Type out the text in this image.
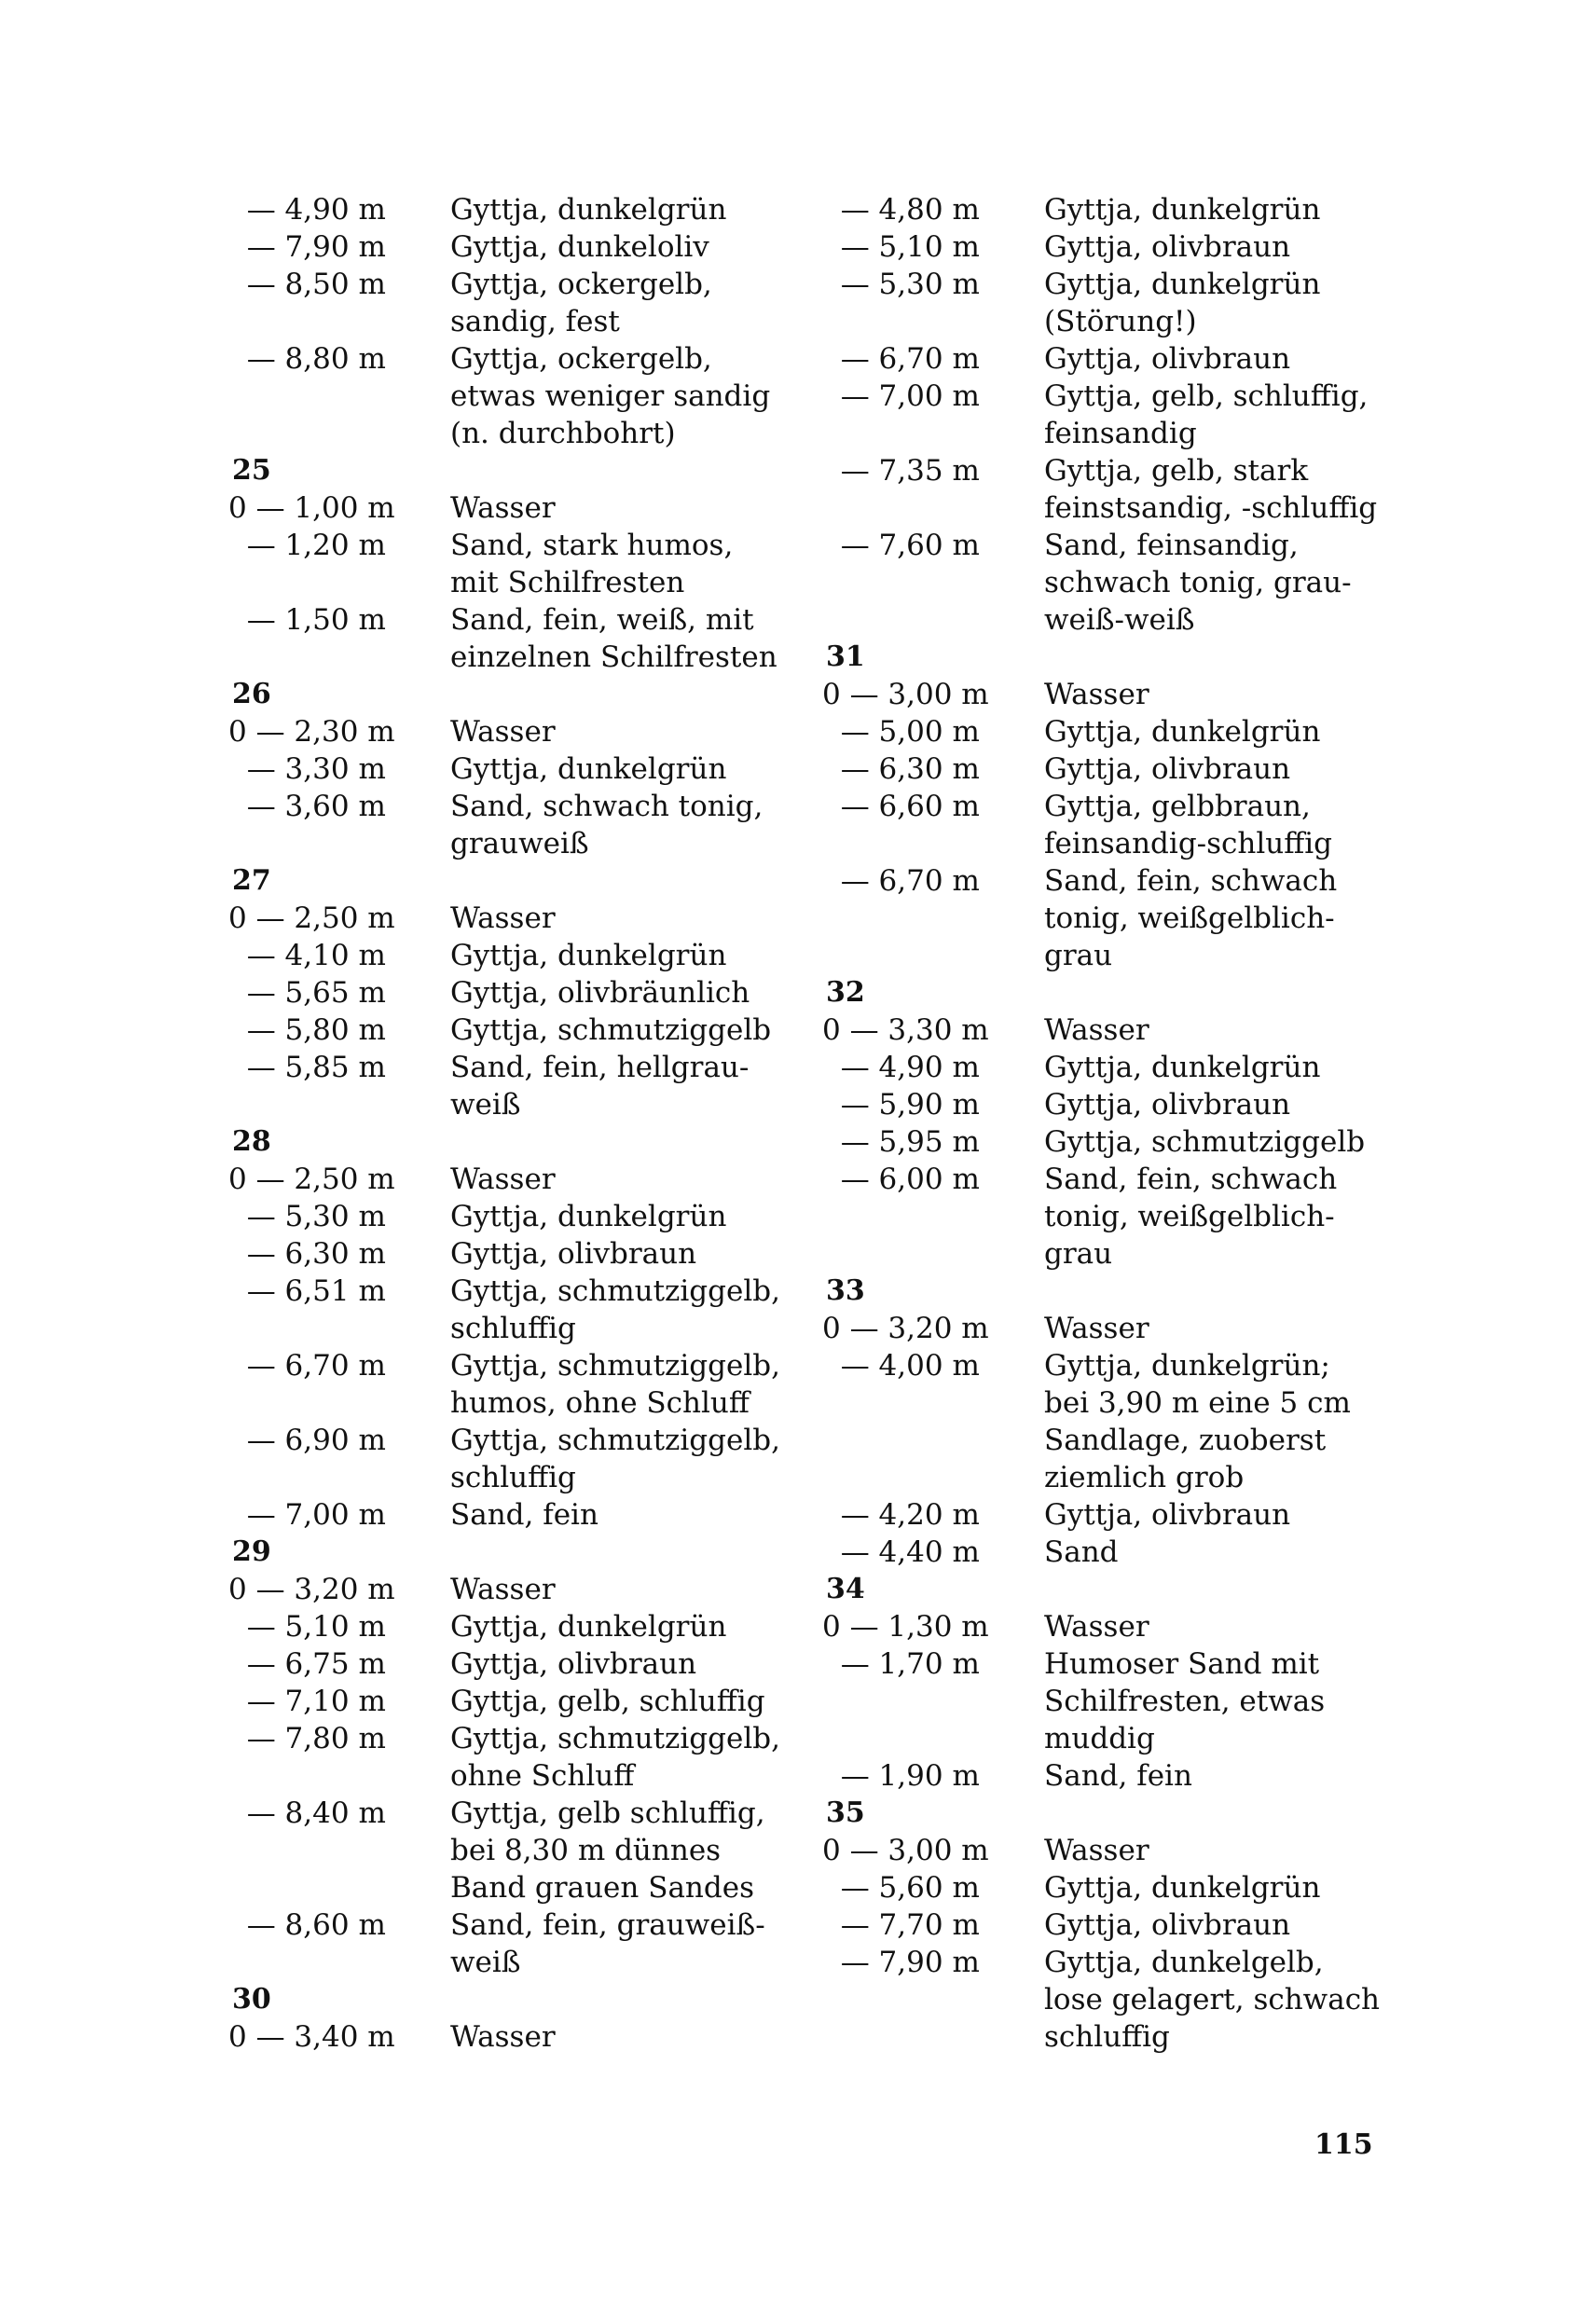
— 4,90 m	Gyttja, dunkelgrün
— 7,90 m	Gyttja, dunkeloliv
— 8,50 m	Gyttja, ockergelb,
sandig, fest
— 8,80 m	Gyttja, ockergelb,
etwas weniger sandig
(n. durchbohrt)
25
0 — 1,00 m	Wasser
— 1,20 m	Sand, stark humos,
mit Schilfresten
— 1,50 m	Sand, fein, weiß, mit
einzelnen Schilfresten
26
0 — 2,30 m	Wasser
— 3,30 m	Gyttja, dunkelgrün
— 3,60 m	Sand, schwach tonig,
grauweiß
27
0 — 2,50 m	Wasser
— 4,10 m	Gyttja, dunkelgrün
— 5,65 m	Gyttja, olivbräunlich
— 5,80 m	Gyttja, schmutziggelb
— 5,85 m	Sand, fein, hellgrau-
weiß
28
0 — 2,50 m	Wasser
— 5,30 m	Gyttja, dunkelgrün
— 6,30 m	Gyttja, olivbraun
— 6,51 m	Gyttja, schmutziggelb,
schluffig
— 6,70 m	Gyttja, schmutziggelb,
humos, ohne Schluff
— 6,90 m	Gyttja, schmutziggelb,
schluffig
— 7,00 m	Sand, fein
29
0 — 3,20 m	Wasser
— 5,10 m	Gyttja, dunkelgrün
— 6,75 m	Gyttja, olivbraun
— 7,10 m	Gyttja, gelb, schluffig
— 7,80 m	Gyttja, schmutziggelb,
ohne Schluff
— 8,40 m	Gyttja, gelb schluffig,
bei 8,30 m dünnes
Band grauen Sandes
— 8,60 m	Sand, fein, grauweiß-
weiß
30
0 — 3,40 m	Wasser
— 4,80 m	Gyttja, dunkelgrün
— 5,10 m	Gyttja, olivbraun
— 5,30 m	Gyttja, dunkelgrün
(Störung!)
— 6,70 m	Gyttja, olivbraun
— 7,00 m	Gyttja, gelb, schluffig,
feinsandig
— 7,35 m	Gyttja, gelb, stark
feinstsandig, -schluffig
— 7,60 m	Sand, feinsandig,
schwach tonig, grau-
weiß-weiß
31
0 — 3,00 m	Wasser
— 5,00 m	Gyttja, dunkelgrün
— 6,30 m	Gyttja, olivbraun
— 6,60 m	Gyttja, gelbbraun,
feinsandig-schluffig
— 6,70 m	Sand, fein, schwach
tonig, weißgelblich-
grau
32
0 — 3,30 m	Wasser
— 4,90 m	Gyttja, dunkelgrün
— 5,90 m	Gyttja, olivbraun
— 5,95 m	Gyttja, schmutziggelb
— 6,00 m	Sand, fein, schwach
tonig, weißgelblich-
grau
33
0 — 3,20 m	Wasser
— 4,00 m	Gyttja, dunkelgrün;
bei 3,90 m eine 5 cm
Sandlage, zuoberst
ziemlich grob
— 4,20 m	Gyttja, olivbraun
— 4,40 m	Sand
34
0 — 1,30 m	Wasser
— 1,70 m	Humoser Sand mit
Schilfresten, etwas
muddig
— 1,90 m	Sand, fein
35
0 — 3,00 m	Wasser
— 5,60 m	Gyttja, dunkelgrün
— 7,70 m	Gyttja, olivbraun
— 7,90 m	Gyttja, dunkelgelb,
lose gelagert, schwach
schluffig
115
